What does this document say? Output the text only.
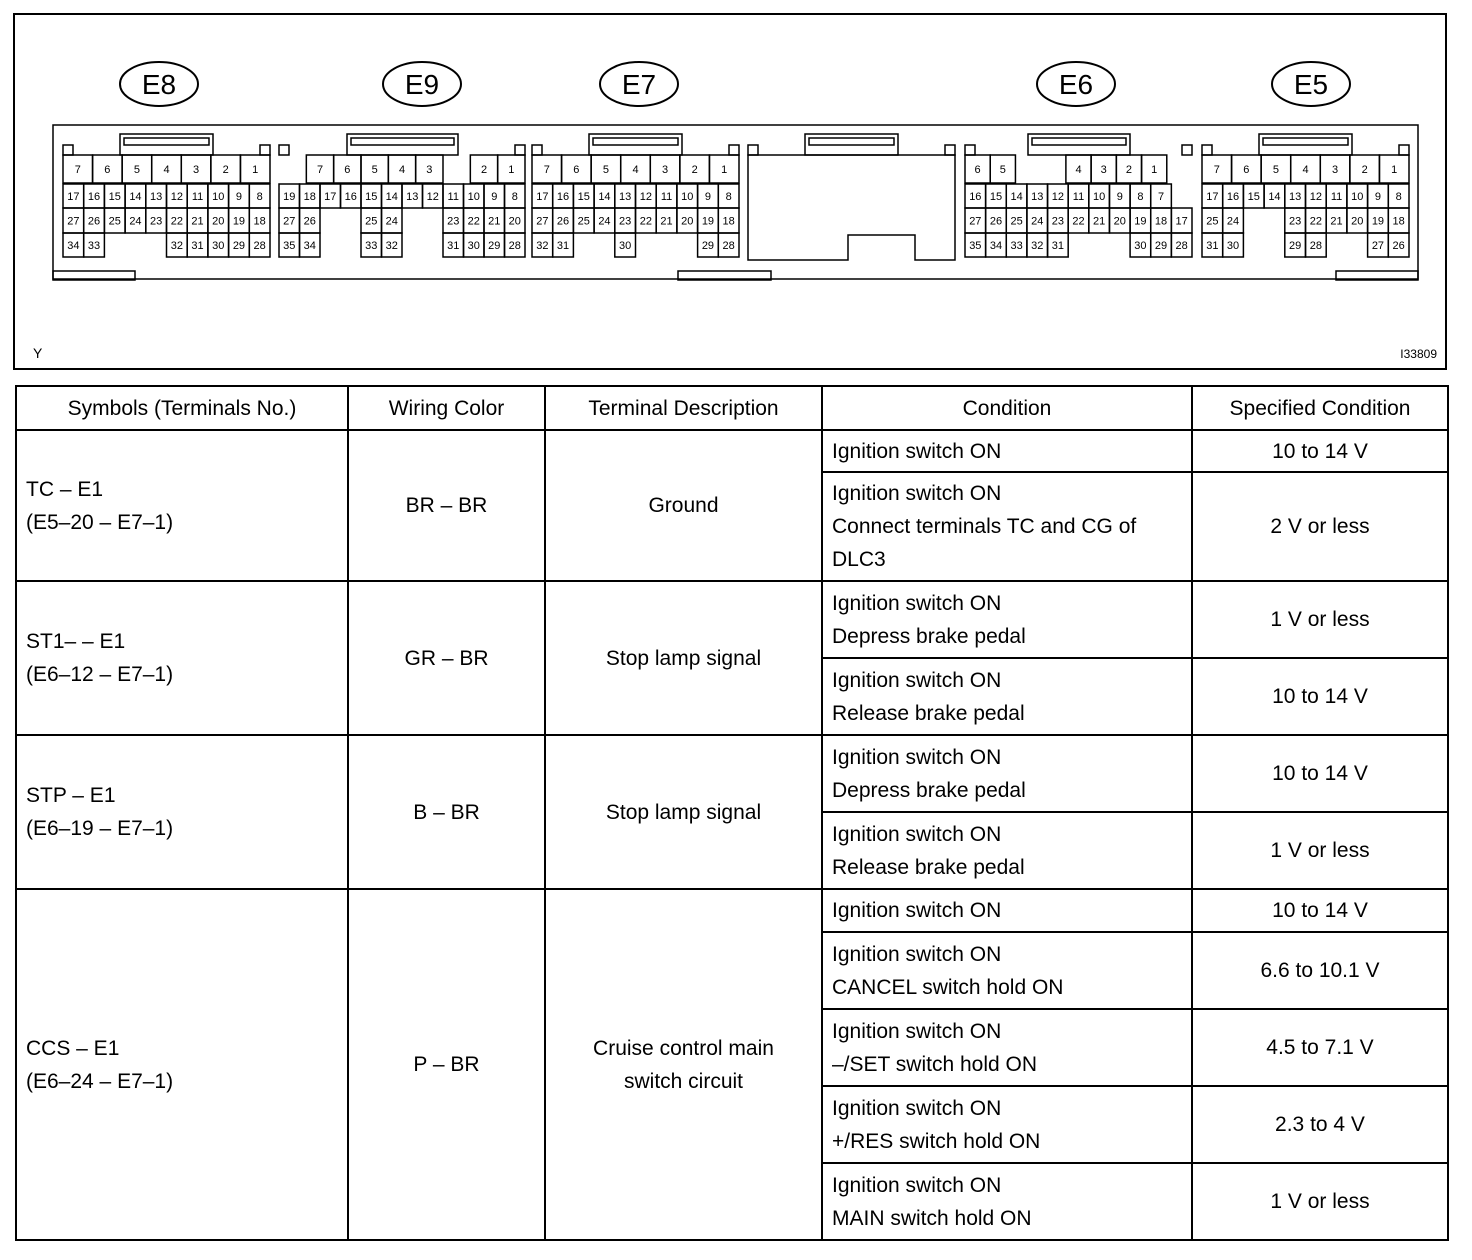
E8
7 6 5 4 3 2 1
17 16 15 14 13 12 11 10 9 8
27 26 25 24 23 22 21 20 19 18
34 33	32 31 30 29 28
E9
7 6 5 4 3	2 1
19 18 17 16 15 14 13 12 11 10 9 8
27 26	25 24	23 22 21 20
35 34	33 32	31 30 29 28
E7
7 6 5 4 3 2 1
17 16 15 14 13 12 11 10 9 8
27 26 25 24 23 22 21 20 19 18
32 31	30	29 28
E6
6 5	4 3 2 1
16 15 14 13 12 11 10 9 8 7
27 26 25 24 23 22 21 20 19 18 17
35 34 33 32 31	30 29 28
E5
7 6 5 4 3 2 1
17 16 15 14 13 12 11 10 9 8
25 24	23 22 21 20 19 18
31 30	29 28	27 26
Y	I33809
Symbols (Terminals No.)	Wiring Color	Terminal Description	Condition	Specified Condition
TC – E1
(E5–20 – E7–1)	BR – BR	Ground	Ignition switch ON	10 to 14 V
			Ignition switch ON
Connect terminals TC and CG of
DLC3	2 V or less
ST1– – E1
(E6–12 – E7–1)	GR – BR	Stop lamp signal	Ignition switch ON
Depress brake pedal	1 V or less
			Ignition switch ON
Release brake pedal	10 to 14 V
STP – E1
(E6–19 – E7–1)	B – BR	Stop lamp signal	Ignition switch ON
Depress brake pedal	10 to 14 V
			Ignition switch ON
Release brake pedal	1 V or less
CCS – E1
(E6–24 – E7–1)	P – BR	Cruise control main
switch circuit	Ignition switch ON	10 to 14 V
			Ignition switch ON
CANCEL switch hold ON	6.6 to 10.1 V
			Ignition switch ON
–/SET switch hold ON	4.5 to 7.1 V
			Ignition switch ON
+/RES switch hold ON	2.3 to 4 V
			Ignition switch ON
MAIN switch hold ON	1 V or less
